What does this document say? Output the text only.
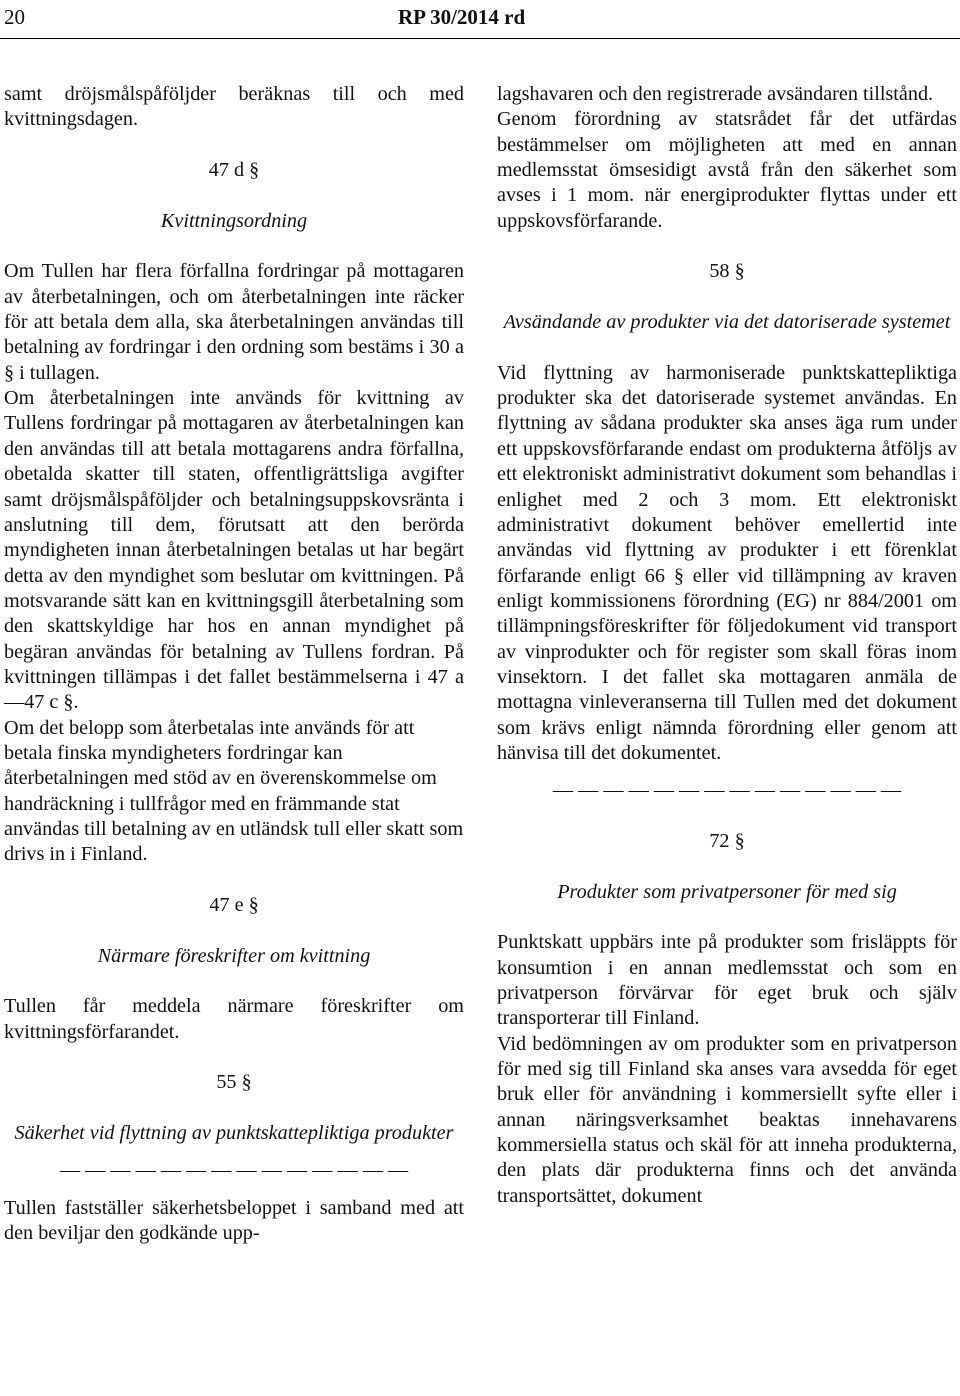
20	RP 30/2014 rd

samt dröjsmålspåföljder beräknas till och med kvittningsdagen.

47 d §

Kvittningsordning

Om Tullen har flera förfallna fordringar på mottagaren av återbetalningen, och om återbetalningen inte räcker för att betala dem alla, ska återbetalningen användas till betalning av fordringar i den ordning som bestäms i 30 a § i tullagen.

Om återbetalningen inte används för kvittning av Tullens fordringar på mottagaren av återbetalningen kan den användas till att betala mottagarens andra förfallna, obetalda skatter till staten, offentligrättsliga avgifter samt dröjsmålspåföljder och betalningsuppskovsränta i anslutning till dem, förutsatt att den berörda myndigheten innan återbetalningen betalas ut har begärt detta av den myndighet som beslutar om kvittningen. På motsvarande sätt kan en kvittningsgill återbetalning som den skattskyldige har hos en annan myndighet på begäran användas för betalning av Tullens fordran. På kvittningen tillämpas i det fallet bestämmelserna i 47 a—47 c §.

Om det belopp som återbetalas inte används för att betala finska myndigheters fordringar kan återbetalningen med stöd av en överenskommelse om handräckning i tullfrågor med en främmande stat användas till betalning av en utländsk tull eller skatt som drivs in i Finland.

47 e §

Närmare föreskrifter om kvittning

Tullen får meddela närmare föreskrifter om kvittningsförfarandet.

55 §

Säkerhet vid flyttning av punktskattepliktiga produkter

— — — — — — — — — — — — — —

Tullen fastställer säkerhetsbeloppet i samband med att den beviljar den godkände upp-

lagshavaren och den registrerade avsändaren tillstånd.

Genom förordning av statsrådet får det utfärdas bestämmelser om möjligheten att med en annan medlemsstat ömsesidigt avstå från den säkerhet som avses i 1 mom. när energiprodukter flyttas under ett uppskovsförfarande.

58 §

Avsändande av produkter via det datoriserade systemet

Vid flyttning av harmoniserade punktskattepliktiga produkter ska det datoriserade systemet användas. En flyttning av sådana produkter ska anses äga rum under ett uppskovsförfarande endast om produkterna åtföljs av ett elektroniskt administrativt dokument som behandlas i enlighet med 2 och 3 mom. Ett elektroniskt administrativt dokument behöver emellertid inte användas vid flyttning av produkter i ett förenklat förfarande enligt 66 § eller vid tillämpning av kraven enligt kommissionens förordning (EG) nr 884/2001 om tillämpningsföreskrifter för följedokument vid transport av vinprodukter och för register som skall föras inom vinsektorn. I det fallet ska mottagaren anmäla de mottagna vinleveranserna till Tullen med det dokument som krävs enligt nämnda förordning eller genom att hänvisa till det dokumentet.

— — — — — — — — — — — — — —

72 §

Produkter som privatpersoner för med sig

Punktskatt uppbärs inte på produkter som frisläppts för konsumtion i en annan medlemsstat och som en privatperson förvärvar för eget bruk och själv transporterar till Finland.

Vid bedömningen av om produkter som en privatperson för med sig till Finland ska anses vara avsedda för eget bruk eller för användning i kommersiellt syfte eller i annan näringsverksamhet beaktas innehavarens kommersiella status och skäl för att inneha produkterna, den plats där produkterna finns och det använda transportsättet, dokument
